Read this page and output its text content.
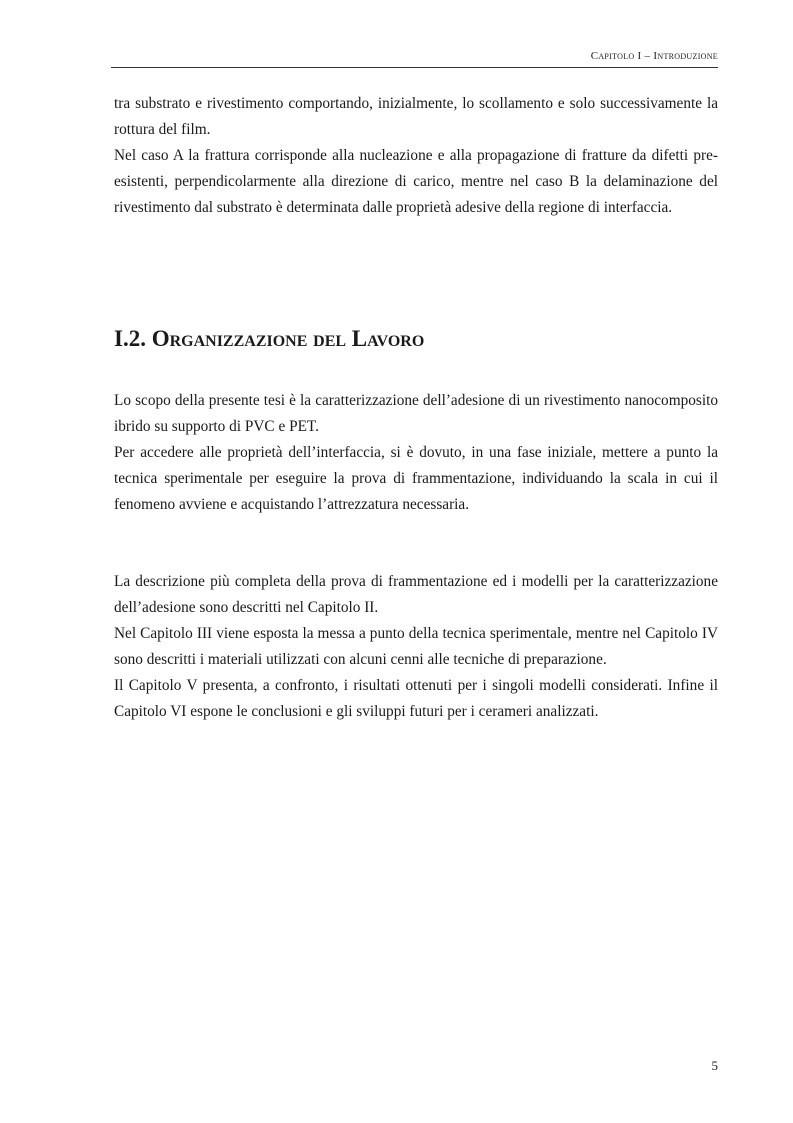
Capitolo I – Introduzione

tra substrato e rivestimento comportando, inizialmente, lo scollamento e solo successivamente la rottura del film.

Nel caso A la frattura corrisponde alla nucleazione e alla propagazione di fratture da difetti pre-esistenti, perpendicolarmente alla direzione di carico, mentre nel caso B la delaminazione del rivestimento dal substrato è determinata dalle proprietà adesive della regione di interfaccia.

I.2. Organizzazione del Lavoro

Lo scopo della presente tesi è la caratterizzazione dell’adesione di un rivestimento nanocomposito ibrido su supporto di PVC e PET.

Per accedere alle proprietà dell’interfaccia, si è dovuto, in una fase iniziale, mettere a punto la tecnica sperimentale per eseguire la prova di frammentazione, individuando la scala in cui il fenomeno avviene e acquistando l’attrezzatura necessaria.

La descrizione più completa della prova di frammentazione ed i modelli per la caratterizzazione dell’adesione sono descritti nel Capitolo II.

Nel Capitolo III viene esposta la messa a punto della tecnica sperimentale, mentre nel Capitolo IV sono descritti i materiali utilizzati con alcuni cenni alle tecniche di preparazione.

Il Capitolo V presenta, a confronto, i risultati ottenuti per i singoli modelli considerati. Infine il Capitolo VI espone le conclusioni e gli sviluppi futuri per i cerameri analizzati.

5
